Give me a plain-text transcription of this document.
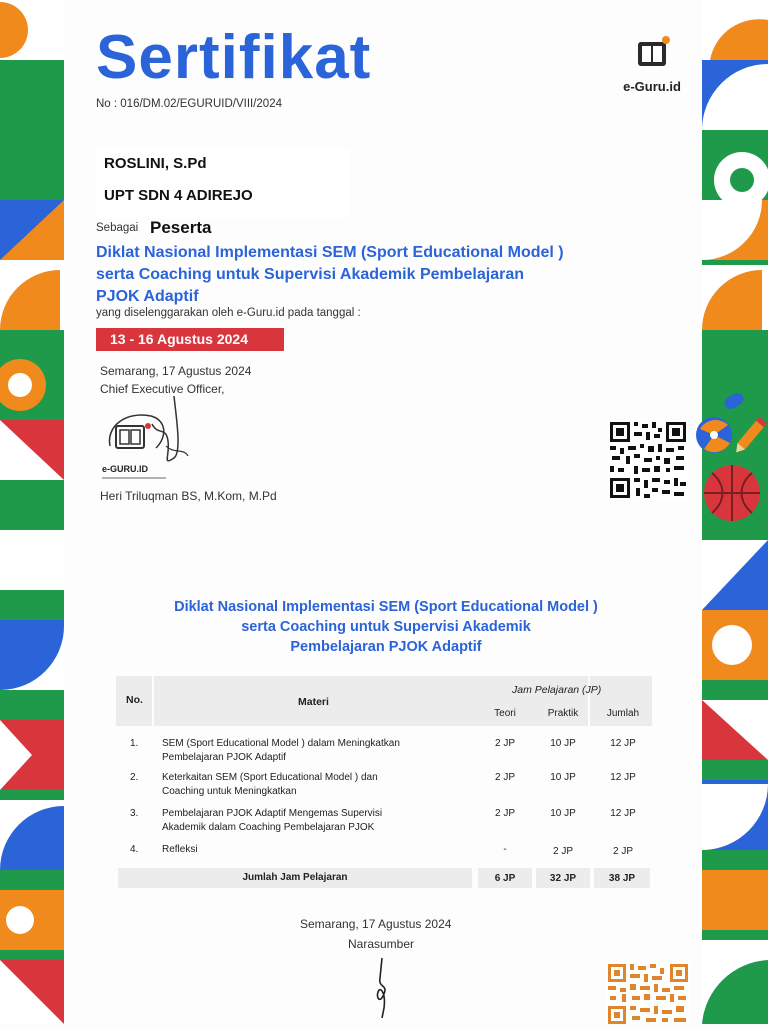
e-Guru.id
Sertifikat
No : 016/DM.02/EGURUID/VIII/2024
ROSLINI, S.Pd
UPT SDN 4 ADIREJO
Sebagai Peserta
Diklat Nasional Implementasi SEM (Sport Educational Model )
serta Coaching untuk Supervisi Akademik Pembelajaran
PJOK Adaptif
yang diselenggarakan oleh e-Guru.id pada tanggal :
13 - 16 Agustus 2024
Semarang, 17 Agustus 2024
Chief Executive Officer,
e-GURU.ID
Heri Triluqman BS, M.Kom, M.Pd
Diklat Nasional Implementasi SEM (Sport Educational Model )
serta Coaching untuk Supervisi Akademik
Pembelajaran PJOK Adaptif
No.	Materi
Jam Pelajaran (JP)
Teori	Praktik	Jumlah
1. SEM (Sport Educational Model ) dalam Meningkatkan
Pembelajaran PJOK Adaptif
2 JP	10 JP	12 JP
2. Keterkaitan SEM (Sport Educational Model ) dan
Coaching untuk Meningkatkan
2 JP	10 JP	12 JP
3. Pembelajaran PJOK Adaptif Mengemas Supervisi
Akademik dalam Coaching Pembelajaran PJOK
2 JP	10 JP	12 JP
4. Refleksi	-	2 JP	2 JP
Jumlah Jam Pelajaran	6 JP	32 JP	38 JP
Semarang, 17 Agustus 2024
Narasumber
